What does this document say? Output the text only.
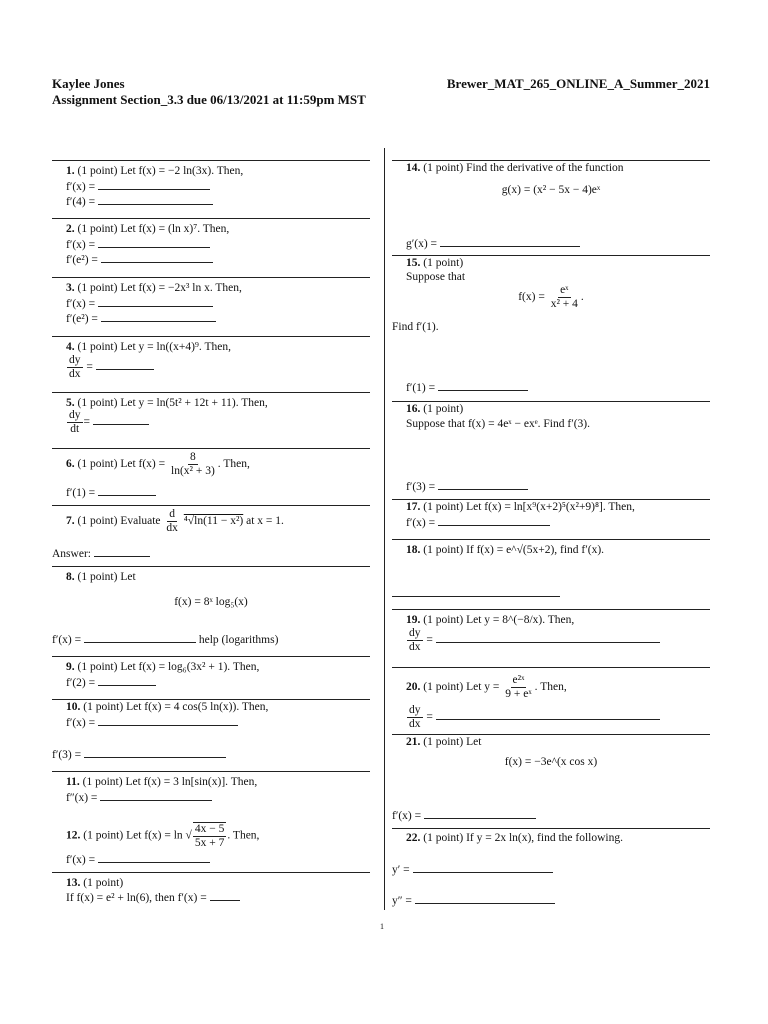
Kaylee Jones
Assignment Section_3.3 due 06/13/2021 at 11:59pm MST
Brewer_MAT_265_ONLINE_A_Summer_2021
1. (1 point) Let f(x) = −2 ln(3x). Then,
f′(x) =
f′(4) =
2. (1 point) Let f(x) = (ln x)⁷. Then,
f′(x) =
f′(e²) =
3. (1 point) Let f(x) = −2x³ ln x. Then,
f′(x) =
f′(e²) =
4. (1 point) Let y = ln((x+4)⁹. Then,
$\frac{dy}{dx}$ =
5. (1 point) Let y = ln(5t² + 12t + 11). Then,
$\frac{dy}{dt}$ =
6. (1 point) Let $f(x) = \frac{8}{\text{ln(x² + 3)}}$ . Then,
f′(1) =
7. (1 point) Evaluate $\frac{d}{dx} ^4√\ln(11 - x^2)$ at x = 1.
Answer:
8. (1 point) Let
f(x) = 8ˣ log₅(x)
f′(x) =	help (logarithms)
9. (1 point) Let f(x) = log₆(3x² + 1). Then,
f′(2) =
10. (1 point) Let f(x) = 4 cos(5 ln(x)). Then,
f′(x) =
f′(3) =
11. (1 point) Let f(x) = 3 ln[sin(x)]. Then,
f″(x) =
12. (1 point) Let f(x) = ln √ $\frac{4x - 5}{5x + 7}$ . Then,
f′(x) =
13. (1 point)
If f(x) = e² + ln(6), then f′(x) =
14. (1 point) Find the derivative of the function
g(x) = (x² − 5x − 4)eˣ
g′(x) =
15. (1 point)
Suppose that
$f(x) = \frac{\text{eˣ}}{\text{x² + 4}}$ .
Find f′(1).
f′(1) =
16. (1 point)
Suppose that f(x) = 4eˣ − exᵉ. Find f′(3).
f′(3) =
17. (1 point) Let f(x) = ln[x⁹(x+2)⁵(x²+9)⁸]. Then,
f′(x) =
18. (1 point) If f(x) = e^√(5x+2), find f′(x).
19. (1 point) Let y = 8^(−8/x). Then,
$\frac{dy}{dx}$ =
20. (1 point) Let $y = \frac{\text{e²ˣ}}{\text{9 + eˣ}}$ . Then,
$\frac{dy}{dx}$ =
21. (1 point) Let
f(x) = −3e^(x cos x)
f′(x) =
22. (1 point) If y = 2x ln(x), find the following.
y′ =
y″ =
1
